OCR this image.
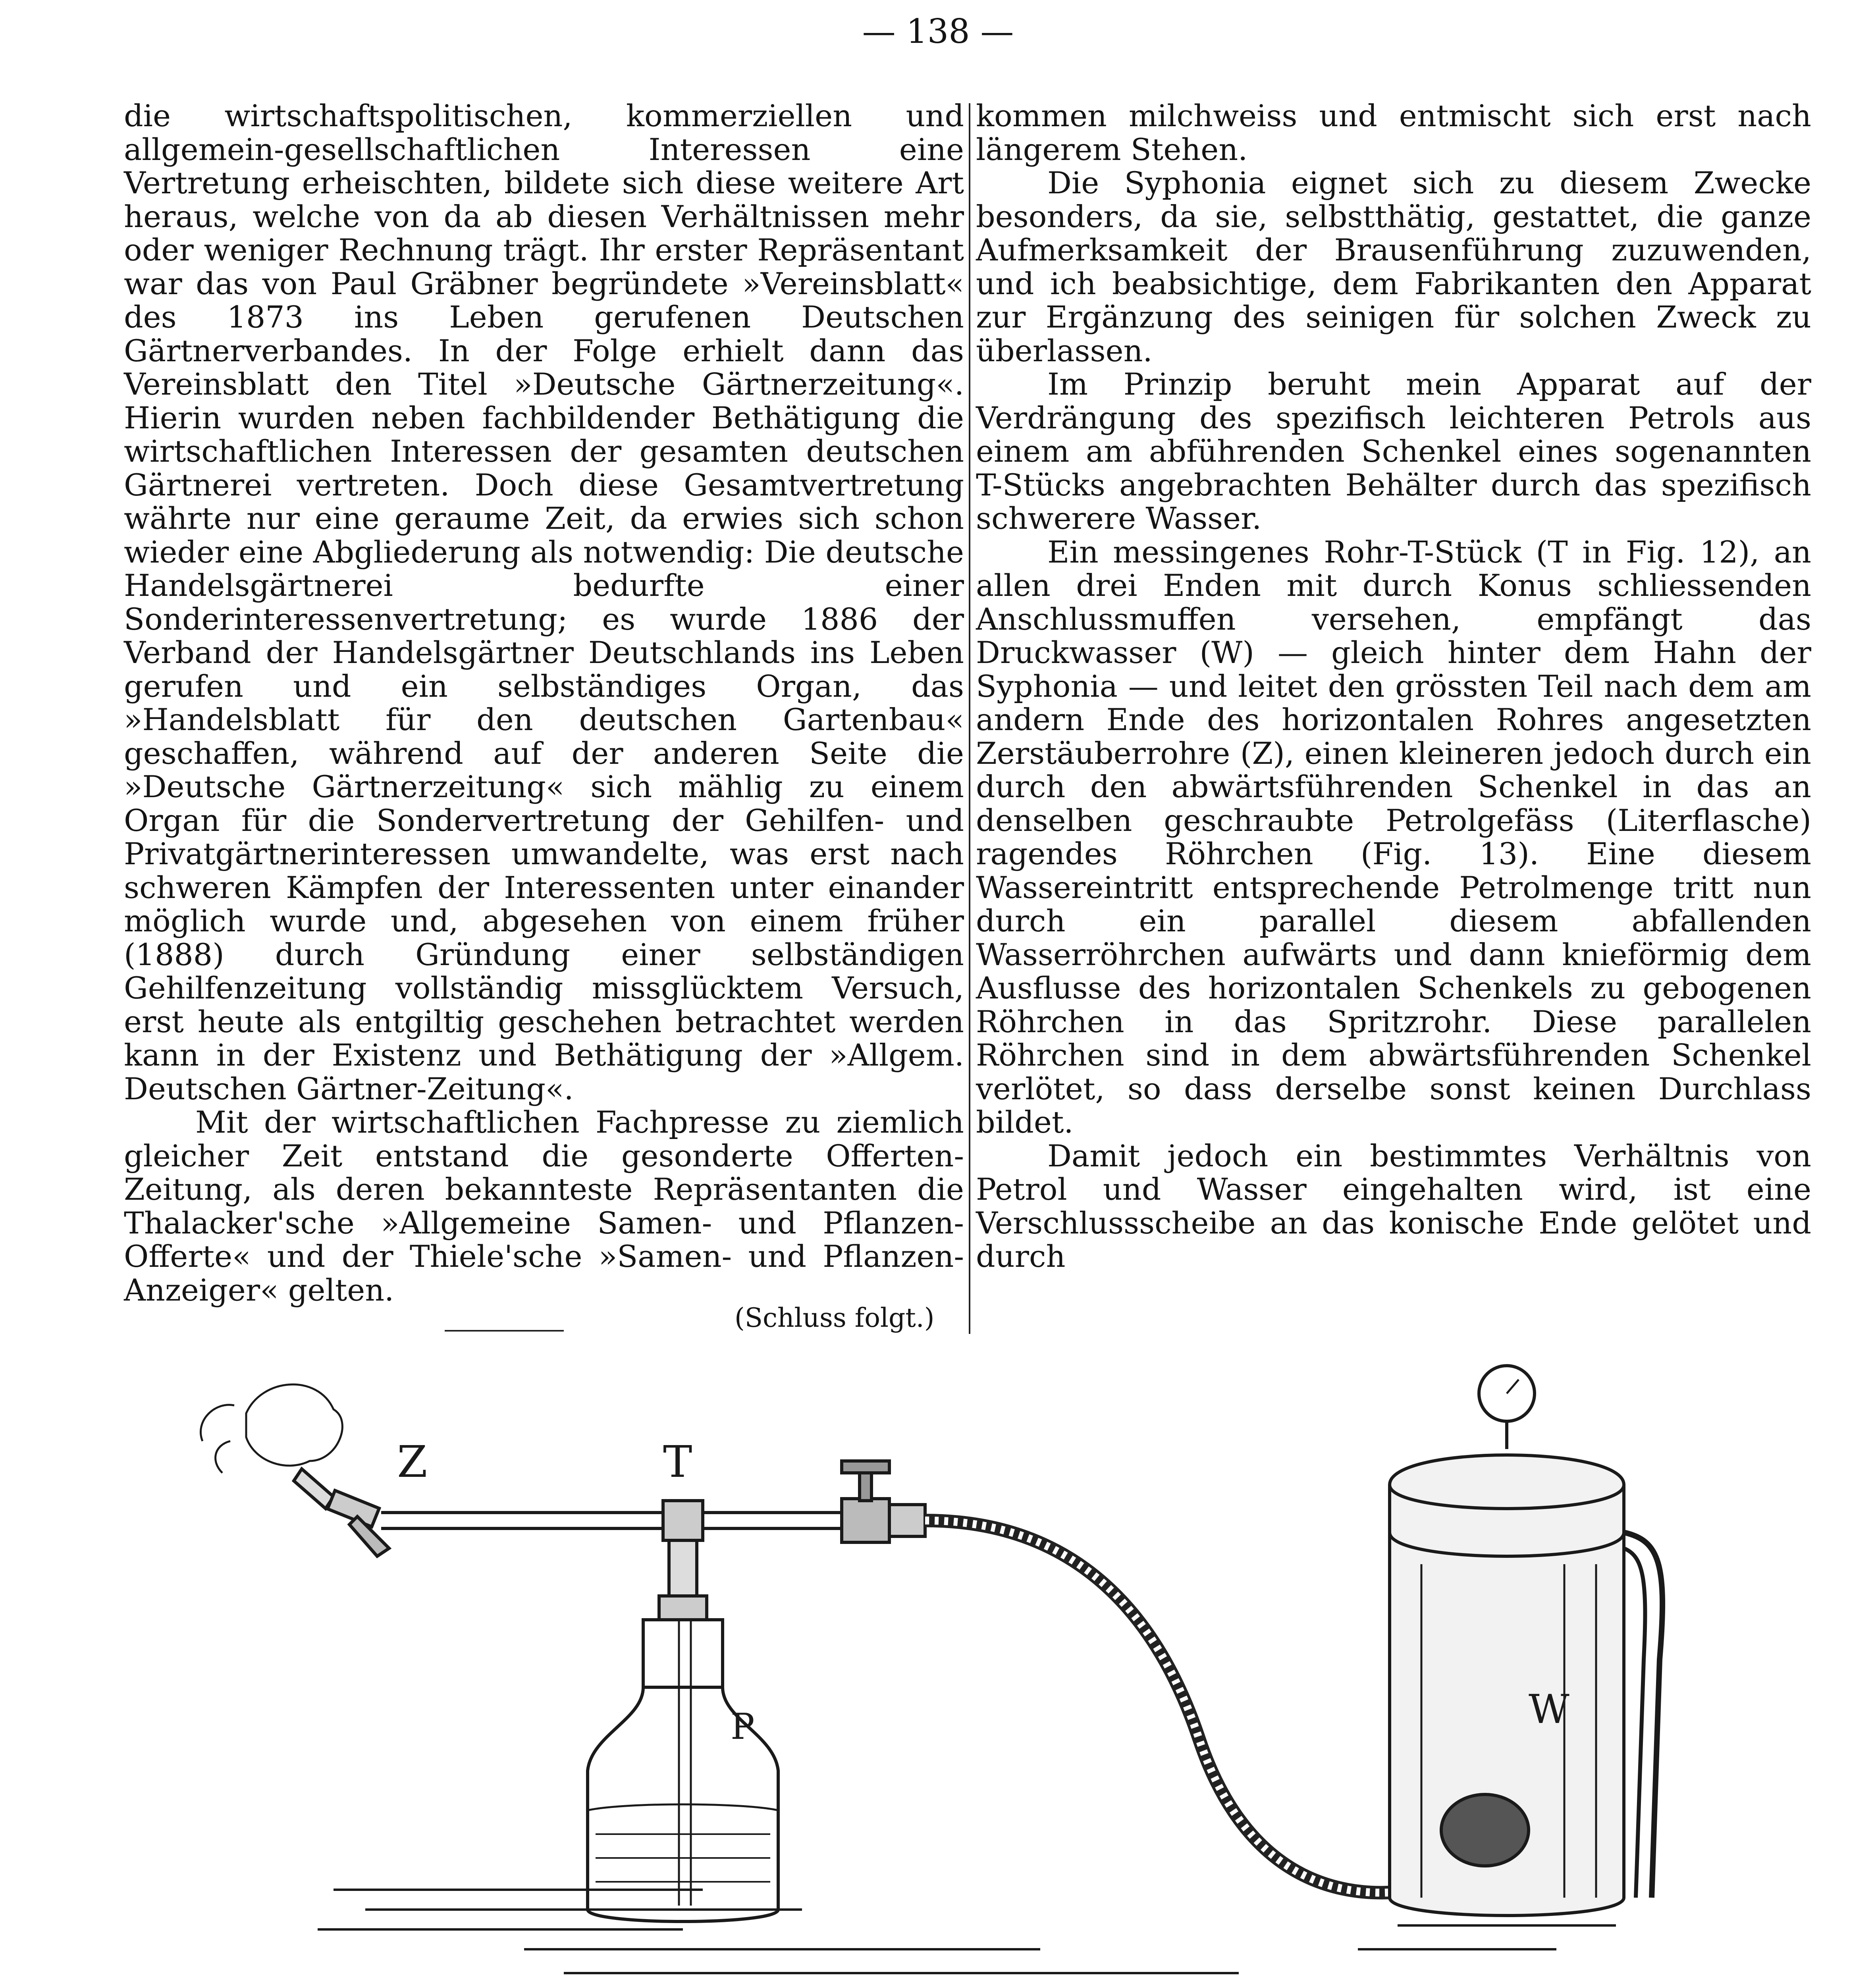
— 138 —

die wirtschaftspolitischen, kommerziellen und allgemein-gesellschaftlichen Interessen eine Vertretung erheischten, bildete sich diese weitere Art heraus, welche von da ab diesen Verhältnissen mehr oder weniger Rechnung trägt. Ihr erster Repräsentant war das von Paul Gräbner begründete »Vereinsblatt« des 1873 ins Leben gerufenen Deutschen Gärtnerverbandes. In der Folge erhielt dann das Vereinsblatt den Titel »Deutsche Gärtnerzeitung«. Hierin wurden neben fachbildender Bethätigung die wirtschaftlichen Interessen der gesamten deutschen Gärtnerei vertreten. Doch diese Gesamtvertretung währte nur eine geraume Zeit, da erwies sich schon wieder eine Abgliederung als notwendig: Die deutsche Handelsgärtnerei bedurfte einer Sonderinteressenvertretung; es wurde 1886 der Verband der Handelsgärtner Deutschlands ins Leben gerufen und ein selbständiges Organ, das »Handelsblatt für den deutschen Gartenbau« geschaffen, während auf der anderen Seite die »Deutsche Gärtnerzeitung« sich mählig zu einem Organ für die Sondervertretung der Gehilfen- und Privatgärtnerinteressen umwandelte, was erst nach schweren Kämpfen der Interessenten unter einander möglich wurde und, abgesehen von einem früher (1888) durch Gründung einer selbständigen Gehilfenzeitung vollständig missglücktem Versuch, erst heute als entgiltig geschehen betrachtet werden kann in der Existenz und Bethätigung der »Allgem. Deutschen Gärtner-Zeitung«.

Mit der wirtschaftlichen Fachpresse zu ziemlich gleicher Zeit entstand die gesonderte Offerten-Zeitung, als deren bekannteste Repräsentanten die Thalacker'sche »Allgemeine Samen- und Pflanzen-Offerte« und der Thiele'sche »Samen- und Pflanzen-Anzeiger« gelten.

(Schluss folgt.)

kommen milchweiss und entmischt sich erst nach längerem Stehen.

Die Syphonia eignet sich zu diesem Zwecke besonders, da sie, selbstthätig, gestattet, die ganze Aufmerksamkeit der Brausenführung zuzuwenden, und ich beabsichtige, dem Fabrikanten den Apparat zur Ergänzung des seinigen für solchen Zweck zu überlassen.

Im Prinzip beruht mein Apparat auf der Verdrängung des spezifisch leichteren Petrols aus einem am abführenden Schenkel eines sogenannten T-Stücks angebrachten Behälter durch das spezifisch schwerere Wasser.

Ein messingenes Rohr-T-Stück (T in Fig. 12), an allen drei Enden mit durch Konus schliessenden Anschlussmuffen versehen, empfängt das Druckwasser (W) — gleich hinter dem Hahn der Syphonia — und leitet den grössten Teil nach dem am andern Ende des horizontalen Rohres angesetzten Zerstäuberrohre (Z), einen kleineren jedoch durch ein durch den abwärtsführenden Schenkel in das an denselben geschraubte Petrolgefäss (Literflasche) ragendes Röhrchen (Fig. 13). Eine diesem Wassereintritt entsprechende Petrolmenge tritt nun durch ein parallel diesem abfallenden Wasserröhrchen aufwärts und dann knieförmig dem Ausflusse des horizontalen Schenkels zu gebogenen Röhrchen in das Spritzrohr. Diese parallelen Röhrchen sind in dem abwärtsführenden Schenkel verlötet, so dass derselbe sonst keinen Durchlass bildet.

Damit jedoch ein bestimmtes Verhältnis von Petrol und Wasser eingehalten wird, ist eine Verschlussscheibe an das konische Ende gelötet und durch

Z	T
P	W
